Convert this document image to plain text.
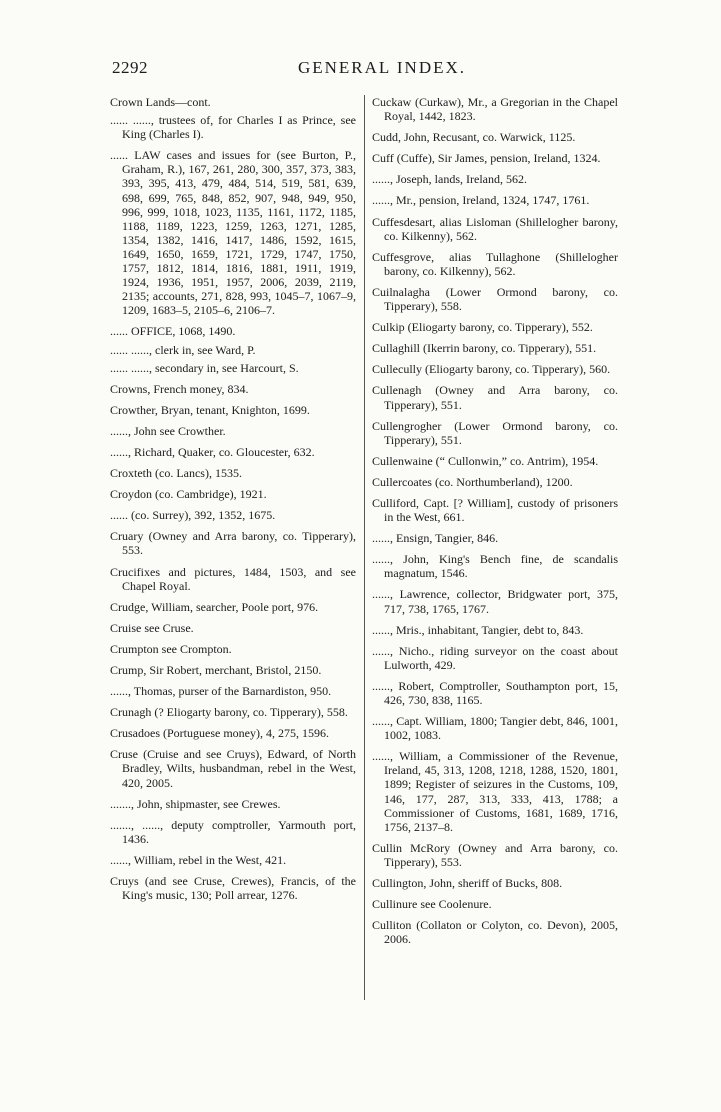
2292	GENERAL INDEX.

Crown Lands—cont.

...... ......, trustees of, for Charles I as Prince, see King (Charles I).

...... LAW cases and issues for (see Burton, P., Graham, R.), 167, 261, 280, 300, 357, 373, 383, 393, 395, 413, 479, 484, 514, 519, 581, 639, 698, 699, 765, 848, 852, 907, 948, 949, 950, 996, 999, 1018, 1023, 1135, 1161, 1172, 1185, 1188, 1189, 1223, 1259, 1263, 1271, 1285, 1354, 1382, 1416, 1417, 1486, 1592, 1615, 1649, 1650, 1659, 1721, 1729, 1747, 1750, 1757, 1812, 1814, 1816, 1881, 1911, 1919, 1924, 1936, 1951, 1957, 2006, 2039, 2119, 2135; accounts, 271, 828, 993, 1045–7, 1067–9, 1209, 1683–5, 2105–6, 2106–7.

...... OFFICE, 1068, 1490.

...... ......, clerk in, see Ward, P.

...... ......, secondary in, see Harcourt, S.

Crowns, French money, 834.

Crowther, Bryan, tenant, Knighton, 1699.

......, John see Crowther.

......, Richard, Quaker, co. Gloucester, 632.

Croxteth (co. Lancs), 1535.

Croydon (co. Cambridge), 1921.

...... (co. Surrey), 392, 1352, 1675.

Cruary (Owney and Arra barony, co. Tipperary), 553.

Crucifixes and pictures, 1484, 1503, and see Chapel Royal.

Crudge, William, searcher, Poole port, 976.

Cruise see Cruse.

Crumpton see Crompton.

Crump, Sir Robert, merchant, Bristol, 2150.

......, Thomas, purser of the Barnardiston, 950.

Crunagh (? Eliogarty barony, co. Tipperary), 558.

Crusadoes (Portuguese money), 4, 275, 1596.

Cruse (Cruise and see Cruys), Edward, of North Bradley, Wilts, husbandman, rebel in the West, 420, 2005.

......., John, shipmaster, see Crewes.

......., ......, deputy comptroller, Yarmouth port, 1436.

......, William, rebel in the West, 421.

Cruys (and see Cruse, Crewes), Francis, of the King's music, 130; Poll arrear, 1276.

Cuckaw (Curkaw), Mr., a Gregorian in the Chapel Royal, 1442, 1823.

Cudd, John, Recusant, co. Warwick, 1125.

Cuff (Cuffe), Sir James, pension, Ireland, 1324.

......, Joseph, lands, Ireland, 562.

......, Mr., pension, Ireland, 1324, 1747, 1761.

Cuffesdesart, alias Lisloman (Shillelogher barony, co. Kilkenny), 562.

Cuffesgrove, alias Tullaghone (Shillelogher barony, co. Kilkenny), 562.

Cuilnalagha (Lower Ormond barony, co. Tipperary), 558.

Culkip (Eliogarty barony, co. Tipperary), 552.

Cullaghill (Ikerrin barony, co. Tipperary), 551.

Cullecully (Eliogarty barony, co. Tipperary), 560.

Cullenagh (Owney and Arra barony, co. Tipperary), 551.

Cullengrogher (Lower Ormond barony, co. Tipperary), 551.

Cullenwaine (“ Cullonwin,” co. Antrim), 1954.

Cullercoates (co. Northumberland), 1200.

Culliford, Capt. [? William], custody of prisoners in the West, 661.

......, Ensign, Tangier, 846.

......, John, King's Bench fine, de scandalis magnatum, 1546.

......, Lawrence, collector, Bridgwater port, 375, 717, 738, 1765, 1767.

......, Mris., inhabitant, Tangier, debt to, 843.

......, Nicho., riding surveyor on the coast about Lulworth, 429.

......, Robert, Comptroller, Southampton port, 15, 426, 730, 838, 1165.

......, Capt. William, 1800; Tangier debt, 846, 1001, 1002, 1083.

......, William, a Commissioner of the Revenue, Ireland, 45, 313, 1208, 1218, 1288, 1520, 1801, 1899; Register of seizures in the Customs, 109, 146, 177, 287, 313, 333, 413, 1788; a Commissioner of Customs, 1681, 1689, 1716, 1756, 2137–8.

Cullin McRory (Owney and Arra barony, co. Tipperary), 553.

Cullington, John, sheriff of Bucks, 808.

Cullinure see Coolenure.

Culliton (Collaton or Colyton, co. Devon), 2005, 2006.
